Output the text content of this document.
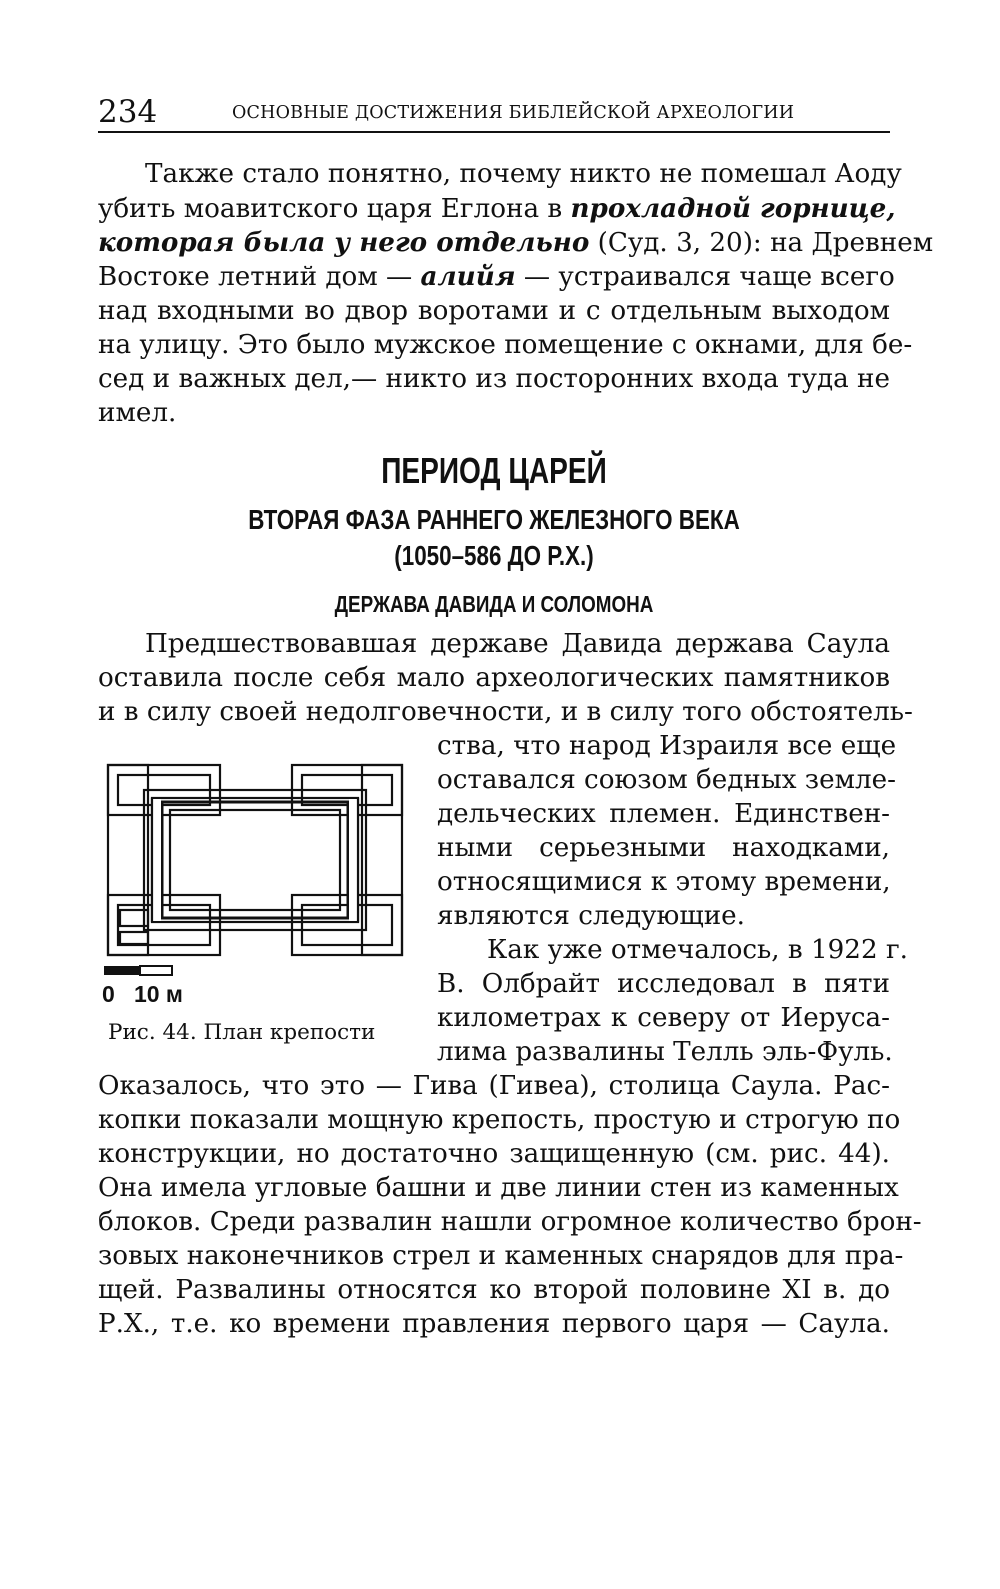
234	ОСНОВНЫЕ ДОСТИЖЕНИЯ БИБЛЕЙСКОЙ АРХЕОЛОГИИ
Также стало понятно, почему никто не помешал Аоду
убить моавитского царя Еглона в прохладной горнице,
которая была у него отдельно (Суд. 3, 20): на Древнем
Востоке летний дом — алийя — устраивался чаще всего
над входными во двор воротами и с отдельным выходом
на улицу. Это было мужское помещение с окнами, для бе-
сед и важных дел,— никто из посторонних входа туда не
имел.
ПЕРИОД ЦАРЕЙ
ВТОРАЯ ФАЗА РАННЕГО ЖЕЛЕЗНОГО ВЕКА
(1050–586 ДО Р.Х.)
ДЕРЖАВА ДАВИДА И СОЛОМОНА
Предшествовавшая державе Давида держава Саула
оставила после себя мало археологических памятников
и в силу своей недолговечности, и в силу того обстоятель-
ства, что народ Израиля все еще
оставался союзом бедных земле-
дельческих племен. Единствен-
ными серьезными находками,
относящимися к этому времени,
являются следующие.
Как уже отмечалось, в 1922 г.
В. Олбрайт исследовал в пяти
километрах к северу от Иеруса-
лима развалины Телль эль-Фуль.
0   10 м
Рис. 44. План крепости
Оказалось, что это — Гива (Гивеа), столица Саула. Рас-
копки показали мощную крепость, простую и строгую по
конструкции, но достаточно защищенную (см. рис. 44).
Она имела угловые башни и две линии стен из каменных
блоков. Среди развалин нашли огромное количество брон-
зовых наконечников стрел и каменных снарядов для пра-
щей. Развалины относятся ко второй половине XI в. до
Р.Х., т.е. ко времени правления первого царя — Саула.
